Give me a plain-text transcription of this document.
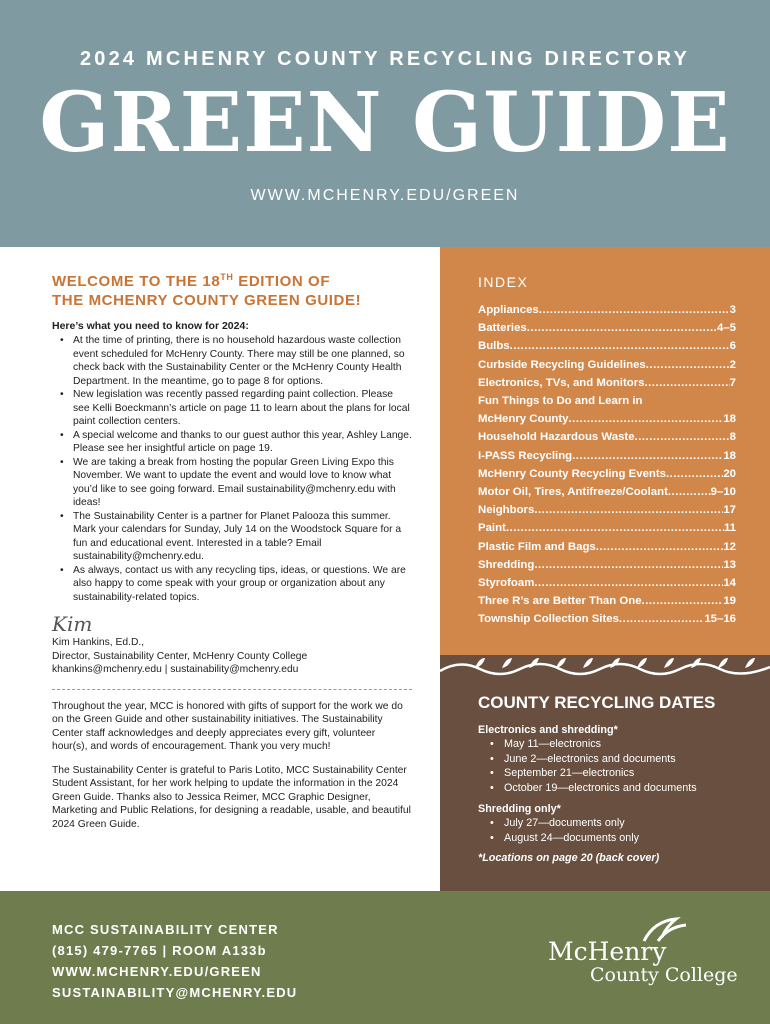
2024 MCHENRY COUNTY RECYCLING DIRECTORY
GREEN GUIDE
WWW.MCHENRY.EDU/GREEN
WELCOME TO THE 18TH EDITION OF
THE MCHENRY COUNTY GREEN GUIDE!
Here’s what you need to know for 2024:
• At the time of printing, there is no household hazardous waste collection event scheduled for McHenry County. There may still be one planned, so check back with the Sustainability Center or the McHenry County Health Department. In the meantime, go to page 8 for options.
• New legislation was recently passed regarding paint collection. Please see Kelli Boeckmann’s article on page 11 to learn about the plans for local paint collection centers.
• A special welcome and thanks to our guest author this year, Ashley Lange. Please see her insightful article on page 19.
• We are taking a break from hosting the popular Green Living Expo this November. We want to update the event and would love to know what you’d like to see going forward. Email sustainability@mchenry.edu with ideas!
• The Sustainability Center is a partner for Planet Palooza this summer. Mark your calendars for Sunday, July 14 on the Woodstock Square for a fun and educational event. Interested in a table? Email sustainability@mchenry.edu.
• As always, contact us with any recycling tips, ideas, or questions. We are also happy to come speak with your group or organization about any sustainability-related topics.
Kim
Kim Hankins, Ed.D.,
Director, Sustainability Center, McHenry County College
khankins@mchenry.edu | sustainability@mchenry.edu
Throughout the year, MCC is honored with gifts of support for the work we do on the Green Guide and other sustainability initiatives. The Sustainability Center staff acknowledges and deeply appreciates every gift, volunteer hour(s), and words of encouragement. Thank you very much!
The Sustainability Center is grateful to Paris Lotito, MCC Sustainability Center Student Assistant, for her work helping to update the information in the 2024 Green Guide. Thanks also to Jessica Reimer, MCC Graphic Designer, Marketing and Public Relations, for designing a readable, usable, and beautiful 2024 Green Guide.
INDEX
Appliances .....	3
Batteries .....	4–5
Bulbs .....	6
Curbside Recycling Guidelines .....	2
Electronics, TVs, and Monitors .....	7
Fun Things to Do and Learn in
McHenry County .....	18
Household Hazardous Waste .....	8
I-PASS Recycling .....	18
McHenry County Recycling Events .....	20
Motor Oil, Tires, Antifreeze/Coolant .....	9–10
Neighbors .....	17
Paint .....	11
Plastic Film and Bags .....	12
Shredding .....	13
Styrofoam .....	14
Three R’s are Better Than One .....	19
Township Collection Sites .....	15–16
COUNTY RECYCLING DATES
Electronics and shredding*
• May 11—electronics
• June 2—electronics and documents
• September 21—electronics
• October 19—electronics and documents
Shredding only*
• July 27—documents only
• August 24—documents only
*Locations on page 20 (back cover)
MCC SUSTAINABILITY CENTER
(815) 479-7765 | ROOM A133b
WWW.MCHENRY.EDU/GREEN
SUSTAINABILITY@MCHENRY.EDU
McHenry
County College
